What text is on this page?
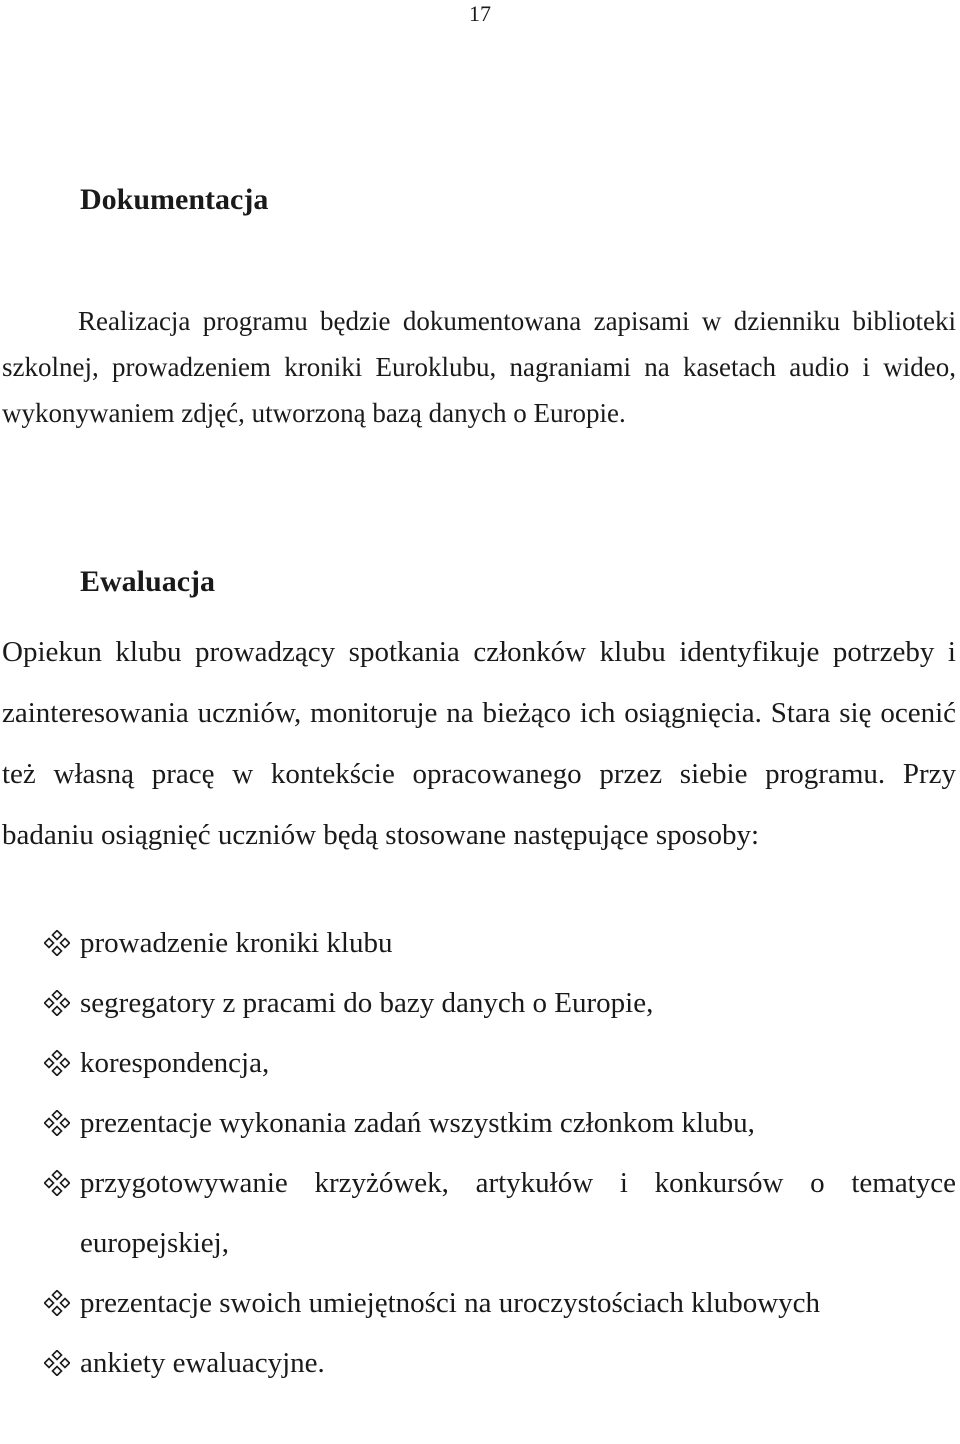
17
Dokumentacja

Realizacja programu będzie dokumentowana zapisami w dzienniku biblioteki szkolnej, prowadzeniem kroniki Euroklubu, nagraniami na kasetach audio i wideo, wykonywaniem zdjęć, utworzoną bazą danych o Europie.

Ewaluacja

Opiekun klubu prowadzący spotkania członków klubu identyfikuje potrzeby i zainteresowania uczniów, monitoruje na bieżąco ich osiągnięcia. Stara się ocenić też własną pracę w kontekście opracowanego przez siebie programu. Przy badaniu osiągnięć uczniów będą stosowane następujące sposoby:

prowadzenie kroniki klubu
segregatory z pracami do bazy danych o Europie,
korespondencja,
prezentacje wykonania zadań wszystkim członkom klubu,
przygotowywanie krzyżówek, artykułów i konkursów o tematyce europejskiej,
prezentacje swoich umiejętności na uroczystościach klubowych
ankiety ewaluacyjne.
